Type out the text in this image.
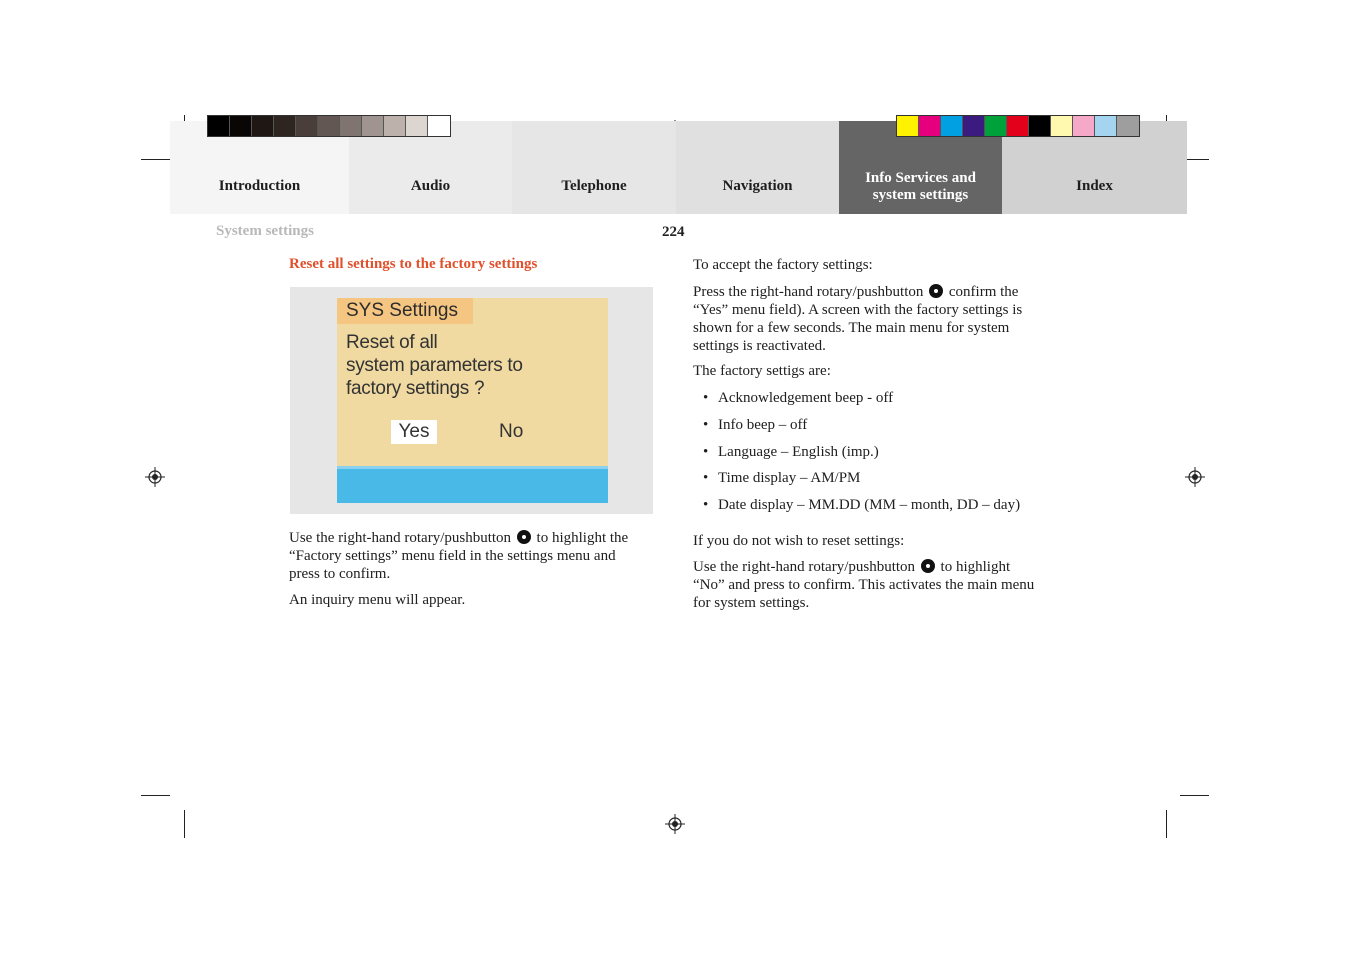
Introduction	Audio	Telephone	Navigation	Info Services and system settings
Index
System settings	224
Reset all settings to the factory settings
SYS Settings
Reset of all
system parameters to
factory settings ?
Yes	No
Use the right-hand rotary/pushbutton to highlight the
“Factory settings” menu field in the settings menu and
press to confirm.
An inquiry menu will appear.
To accept the factory settings:
Press the right-hand rotary/pushbutton confirm the
“Yes” menu field). A screen with the factory settings is
shown for a few seconds. The main menu for system
settings is reactivated.
The factory settigs are:
• Acknowledgement beep - off
• Info beep – off
• Language – English (imp.)
• Time display – AM/PM
• Date display – MM.DD (MM – month, DD – day)
If you do not wish to reset settings:
Use the right-hand rotary/pushbutton to highlight
“No” and press to confirm. This activates the main menu
for system settings.
